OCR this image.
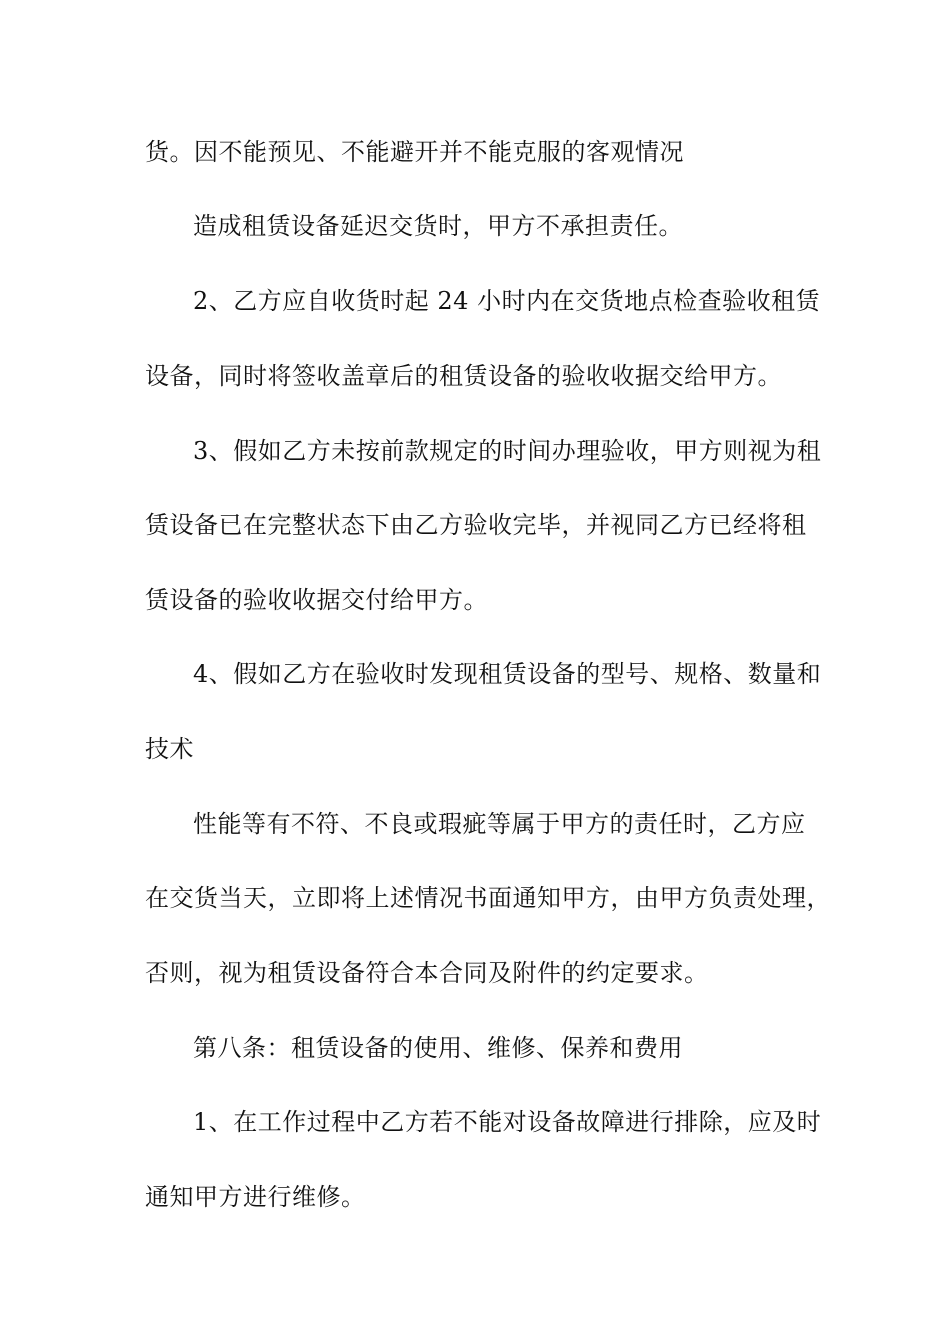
货。因不能预见、不能避开并不能克服的客观情况
造成租赁设备延迟交货时，甲方不承担责任。
2、乙方应自收货时起 24 小时内在交货地点检查验收租赁
设备，同时将签收盖章后的租赁设备的验收收据交给甲方。
3、假如乙方未按前款规定的时间办理验收，甲方则视为租
赁设备已在完整状态下由乙方验收完毕，并视同乙方已经将租
赁设备的验收收据交付给甲方。
4、假如乙方在验收时发现租赁设备的型号、规格、数量和
技术
性能等有不符、不良或瑕疵等属于甲方的责任时，乙方应
在交货当天，立即将上述情况书面通知甲方，由甲方负责处理，
否则，视为租赁设备符合本合同及附件的约定要求。
第八条：租赁设备的使用、维修、保养和费用
1、在工作过程中乙方若不能对设备故障进行排除，应及时
通知甲方进行维修。
